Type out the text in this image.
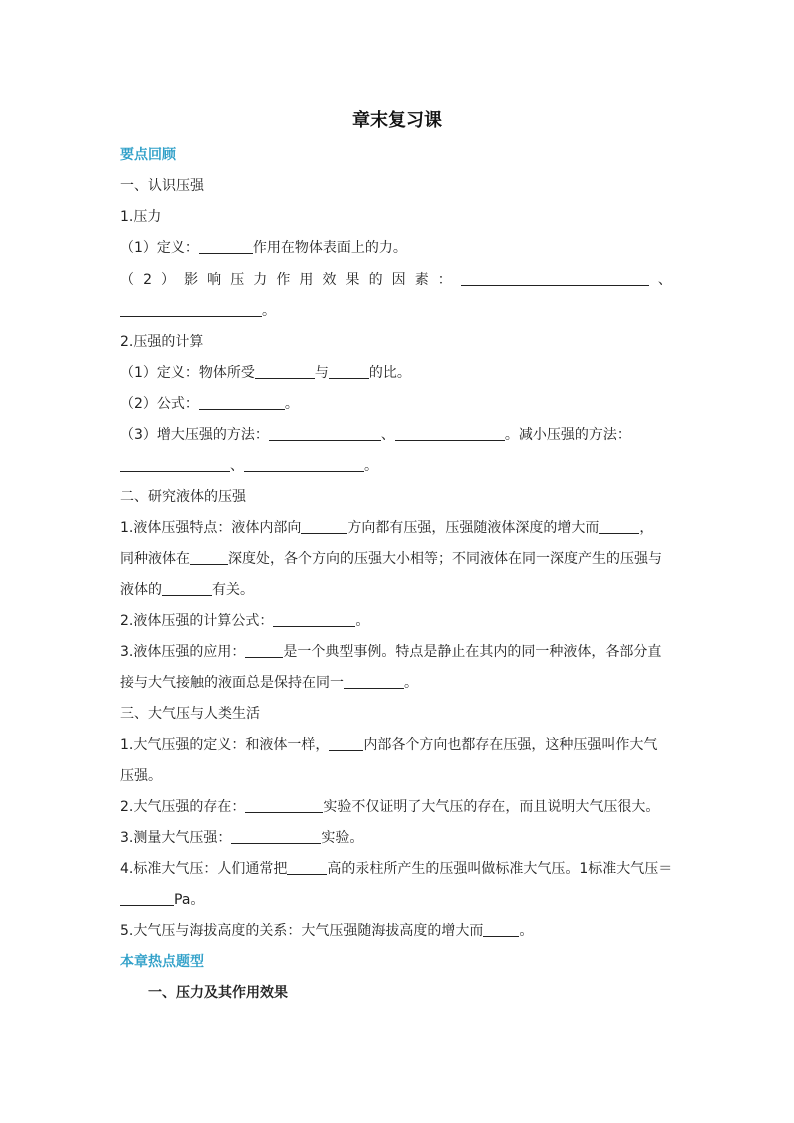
章末复习课
要点回顾
一、认识压强
1.压力
（1）定义：	作用在物体表面上的力。
（ 2 ） 影 响 压 力 作 用 效 果 的 因 素 ：	、
。
2.压强的计算
（1）定义：物体所受	与	的比。
（2）公式：	。
（3）增大压强的方法：	、	。减小压强的方法：
、	。
二、研究液体的压强
1.液体压强特点：液体内部向	方向都有压强，压强随液体深度的增大而	，
同种液体在	深度处，各个方向的压强大小相等；不同液体在同一深度产生的压强与
液体的	有关。
2.液体压强的计算公式：	。
3.液体压强的应用：	是一个典型事例。特点是静止在其内的同一种液体，各部分直
接与大气接触的液面总是保持在同一	。
三、大气压与人类生活
1.大气压强的定义：和液体一样， 内部各个方向也都存在压强，这种压强叫作大气
压强。
2.大气压强的存在：	实验不仅证明了大气压的存在，而且说明大气压很大。
3.测量大气压强：	实验。
4.标准大气压：人们通常把	高的汞柱所产生的压强叫做标准大气压。1标准大气压＝
Pa。
5.大气压与海拔高度的关系：大气压强随海拔高度的增大而	。
本章热点题型
一、压力及其作用效果
